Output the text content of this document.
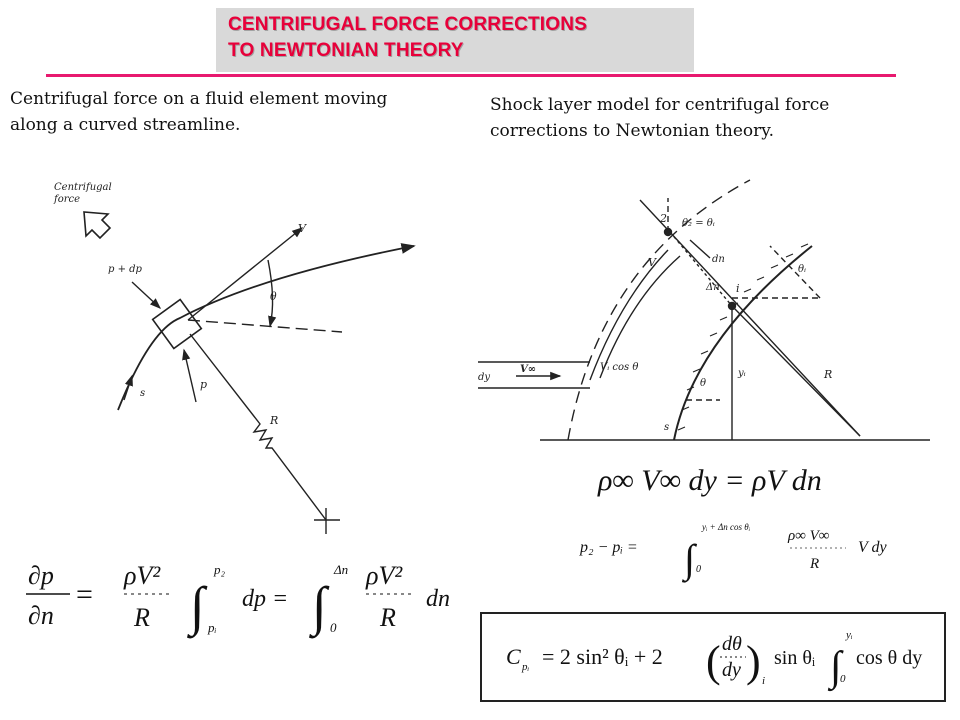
CENTRIFUGAL FORCE CORRECTIONS
TO NEWTONIAN THEORY
Centrifugal force on a fluid element moving
along a curved streamline.
Shock layer model for centrifugal force
corrections to Newtonian theory.
Centrifugal
force
V
p + dp
θ
p
s
R
2 θ₂ = θᵢ
dn
V
Δn i
θᵢ
dy
V∞	Vᵢ cos θ
θ
yᵢ
s
R
ρ∞ V∞ dy = ρV dn
p₂ − pᵢ = ∫
yᵢ + Δn cos θᵢ
0
ρ∞ V∞
R
V dy
∂p
∂n
=
ρV²
R ∫
p₂
pᵢ
dp = ∫
Δn
0
ρV²
R
dn
C pᵢ = 2 sin² θᵢ + 2 ( dθ
dy ) i
sin θᵢ ∫
yᵢ
0
cos θ dy
